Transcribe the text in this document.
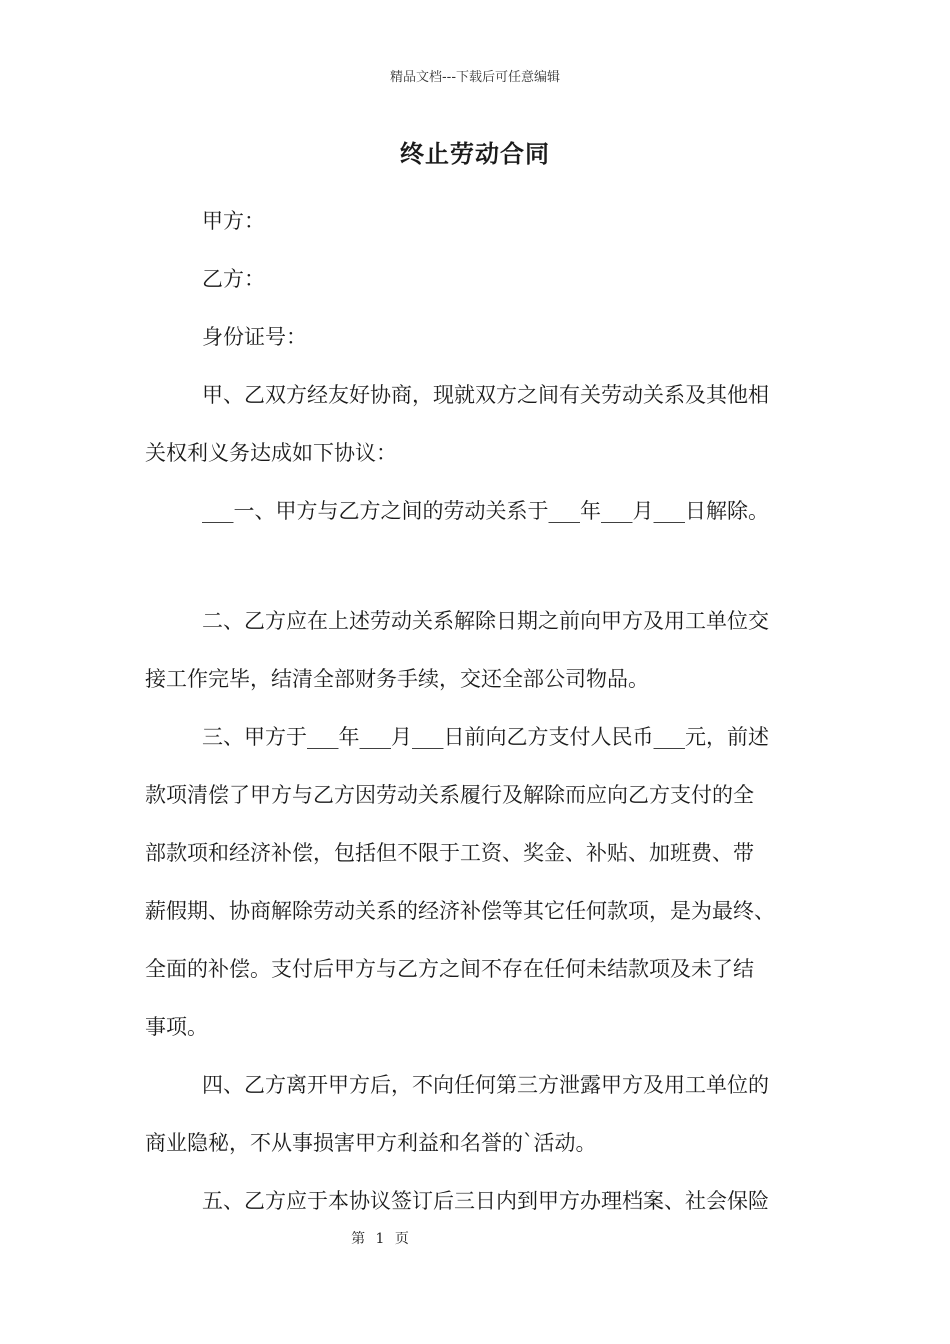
精品文档---下载后可任意编辑
终止劳动合同
甲方：
乙方：
身份证号：
甲、乙双方经友好协商，现就双方之间有关劳动关系及其他相
关权利义务达成如下协议：
___一、甲方与乙方之间的劳动关系于___年___月___日解除。
二、乙方应在上述劳动关系解除日期之前向甲方及用工单位交
接工作完毕，结清全部财务手续，交还全部公司物品。
三、甲方于___年___月___日前向乙方支付人民币___元，前述
款项清偿了甲方与乙方因劳动关系履行及解除而应向乙方支付的全
部款项和经济补偿，包括但不限于工资、奖金、补贴、加班费、带
薪假期、协商解除劳动关系的经济补偿等其它任何款项，是为最终、
全面的补偿。支付后甲方与乙方之间不存在任何未结款项及未了结
事项。
四、乙方离开甲方后，不向任何第三方泄露甲方及用工单位的
商业隐秘，不从事损害甲方利益和名誉的`活动。
五、乙方应于本协议签订后三日内到甲方办理档案、社会保险
第 1 页
